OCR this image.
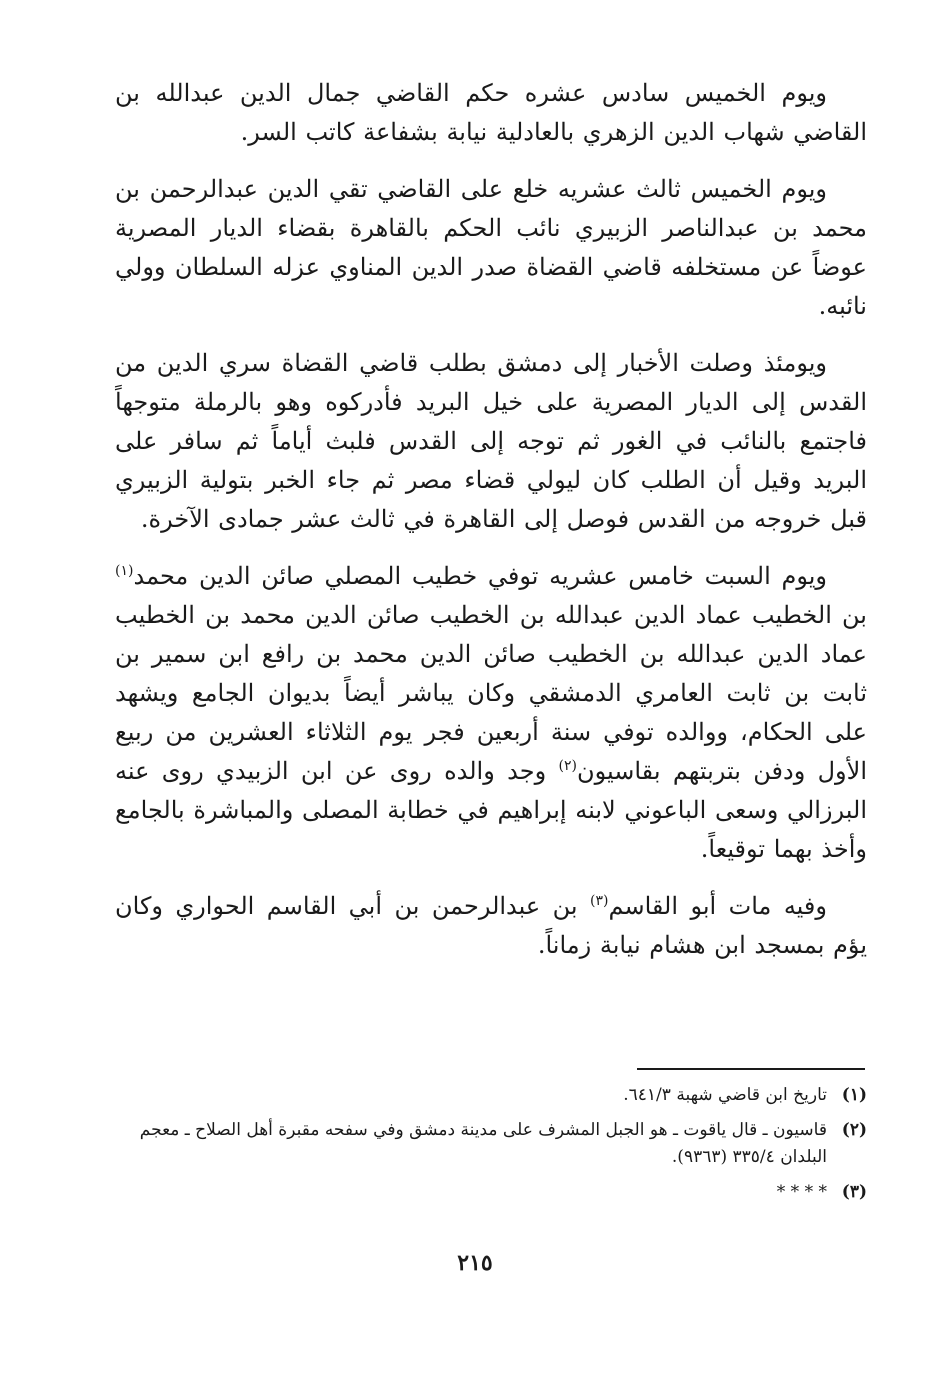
ويوم الخميس سادس عشره حكم القاضي جمال الدين عبدالله بن القاضي شهاب الدين الزهري بالعادلية نيابة بشفاعة كاتب السر.

ويوم الخميس ثالث عشريه خلع على القاضي تقي الدين عبدالرحمن بن محمد بن عبدالناصر الزبيري نائب الحكم بالقاهرة بقضاء الديار المصرية عوضاً عن مستخلفه قاضي القضاة صدر الدين المناوي عزله السلطان وولي نائبه.

ويومئذ وصلت الأخبار إلى دمشق بطلب قاضي القضاة سري الدين من القدس إلى الديار المصرية على خيل البريد فأدركوه وهو بالرملة متوجهاً فاجتمع بالنائب في الغور ثم توجه إلى القدس فلبث أياماً ثم سافر على البريد وقيل أن الطلب كان ليولي قضاء مصر ثم جاء الخبر بتولية الزبيري قبل خروجه من القدس فوصل إلى القاهرة في ثالث عشر جمادى الآخرة.

ويوم السبت خامس عشريه توفي خطيب المصلي صائن الدين محمد$^{(١)}$ بن الخطيب عماد الدين عبدالله بن الخطيب صائن الدين محمد بن الخطيب عماد الدين عبدالله بن الخطيب صائن الدين محمد بن رافع ابن سمير بن ثابت بن ثابت العامري الدمشقي وكان يباشر أيضاً بديوان الجامع ويشهد على الحكام، ووالده توفي سنة أربعين فجر يوم الثلاثاء العشرين من ربيع الأول ودفن بتربتهم بقاسيون$^{(٢)}$ وجد والده روى عن ابن الزبيدي روى عنه البرزالي وسعى الباعوني لابنه إبراهيم في خطابة المصلى والمباشرة بالجامع وأخذ بهما توقيعاً.

وفيه مات أبو القاسم$^{(٣)}$ بن عبدالرحمن بن أبي القاسم الحواري وكان يؤم بمسجد ابن هشام نيابة زماناً.

(١)
تاريخ ابن قاضي شهبة ٦٤١/٣.
(٢)
قاسيون ـ قال ياقوت ـ هو الجبل المشرف على مدينة دمشق وفي سفحه مقبرة أهل الصلاح ـ معجم البلدان ٣٣٥/٤ (٩٣٦٣).
(٣)
* * * *
٢١٥
